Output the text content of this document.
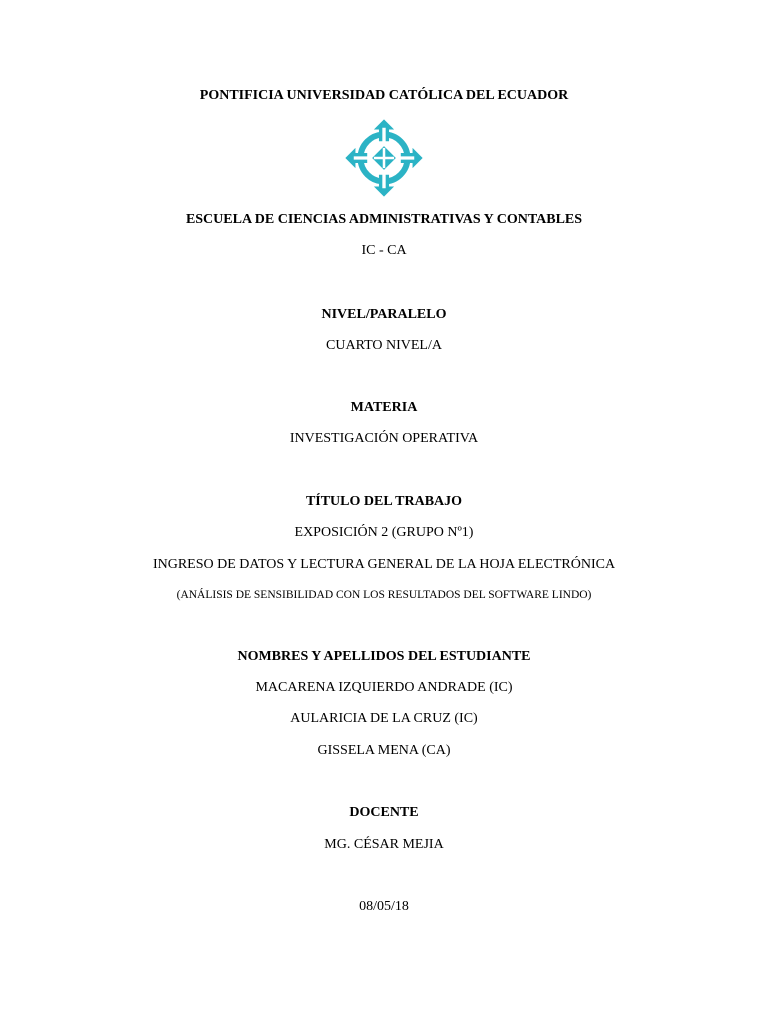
PONTIFICIA UNIVERSIDAD CATÓLICA DEL ECUADOR
ESCUELA DE CIENCIAS ADMINISTRATIVAS Y CONTABLES
IC - CA
NIVEL/PARALELO
CUARTO NIVEL/A
MATERIA
INVESTIGACIÓN OPERATIVA
TÍTULO DEL TRABAJO
EXPOSICIÓN 2 (GRUPO Nº1)
INGRESO DE DATOS Y LECTURA GENERAL DE LA HOJA ELECTRÓNICA
(ANÁLISIS DE SENSIBILIDAD CON LOS RESULTADOS DEL SOFTWARE LINDO)
NOMBRES Y APELLIDOS DEL ESTUDIANTE
MACARENA IZQUIERDO ANDRADE (IC)
AULARICIA DE LA CRUZ (IC)
GISSELA MENA (CA)
DOCENTE
MG. CÉSAR MEJIA
08/05/18
